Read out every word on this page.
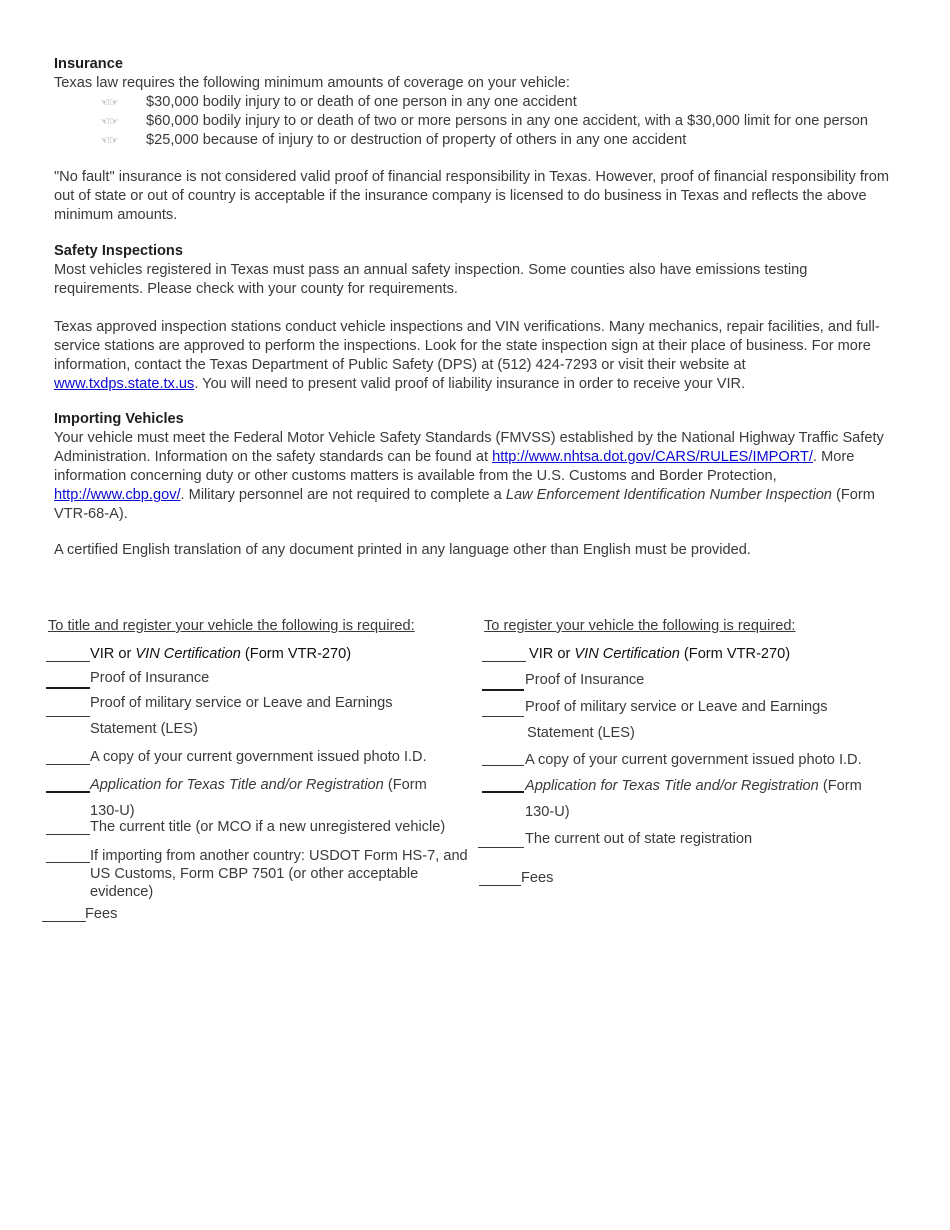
Insurance
Texas law requires the following minimum amounts of coverage on your vehicle:
☜☞ $30,000 bodily injury to or death of one person in any one accident
☜☞ $60,000 bodily injury to or death of two or more persons in any one accident, with a $30,000 limit for one person
☜☞ $25,000 because of injury to or destruction of property of others in any one accident
"No fault" insurance is not considered valid proof of financial responsibility in Texas. However, proof of financial responsibility from out of state or out of country is acceptable if the insurance company is licensed to do business in Texas and reflects the above minimum amounts.
Safety Inspections
Most vehicles registered in Texas must pass an annual safety inspection. Some counties also have emissions testing requirements. Please check with your county for requirements.
Texas approved inspection stations conduct vehicle inspections and VIN verifications. Many mechanics, repair facilities, and full-service stations are approved to perform the inspections. Look for the state inspection sign at their place of business. For more information, contact the Texas Department of Public Safety (DPS) at (512) 424-7293 or visit their website at www.txdps.state.tx.us. You will need to present valid proof of liability insurance in order to receive your VIR.
Importing Vehicles
Your vehicle must meet the Federal Motor Vehicle Safety Standards (FMVSS) established by the National Highway Traffic Safety Administration. Information on the safety standards can be found at http://www.nhtsa.dot.gov/CARS/RULES/IMPORT/. More information concerning duty or other customs matters is available from the U.S. Customs and Border Protection, http://www.cbp.gov/. Military personnel are not required to complete a Law Enforcement Identification Number Inspection (Form VTR-68-A).
A certified English translation of any document printed in any language other than English must be provided.
To title and register your vehicle the following is required:
VIR or VIN Certification (Form VTR-270)
Proof of Insurance
Proof of military service or Leave and Earnings Statement (LES)
A copy of your current government issued photo I.D.
Application for Texas Title and/or Registration (Form 130-U)
The current title (or MCO if a new unregistered vehicle)
If importing from another country: USDOT Form HS-7, and US Customs, Form CBP 7501 (or other acceptable evidence)
Fees
To register your vehicle the following is required:
VIR or VIN Certification (Form VTR-270)
Proof of Insurance
Proof of military service or Leave and Earnings
Statement (LES)
A copy of your current government issued photo I.D.
Application for Texas Title and/or Registration (Form 130-U)
The current out of state registration
Fees
